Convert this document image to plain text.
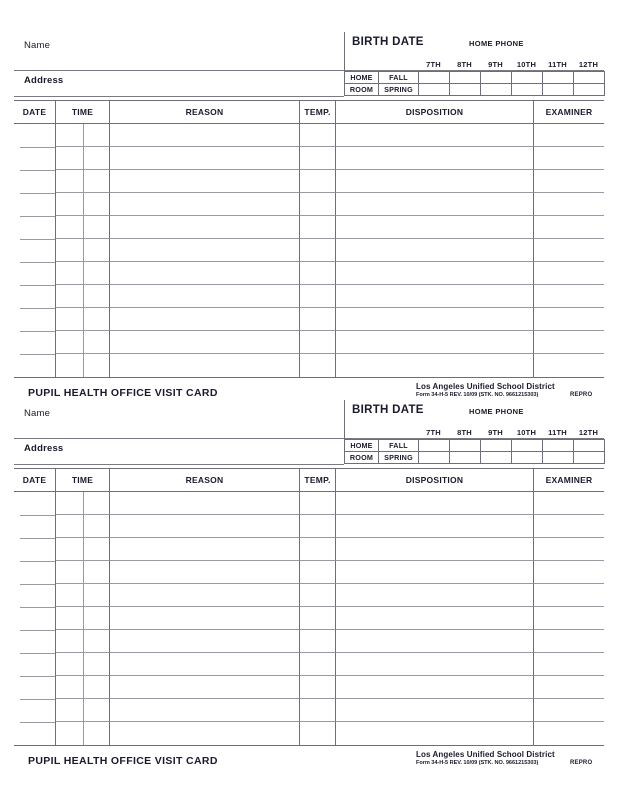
Name
Address
BIRTH DATE	HOME PHONE
7TH	8TH	9TH	10TH	11TH	12TH
HOME	FALL
ROOM	SPRING
DATE	TIME	REASON	TEMP.	DISPOSITION	EXAMINER
PUPIL HEALTH OFFICE VISIT CARD
Los Angeles Unified School District
Form 34-H-5 REV. 10/09 (STK. NO. 9661215303)	REPRO
Name
Address
BIRTH DATE	HOME PHONE
7TH	8TH	9TH	10TH	11TH	12TH
HOME	FALL
ROOM	SPRING
DATE	TIME	REASON	TEMP.	DISPOSITION	EXAMINER
PUPIL HEALTH OFFICE VISIT CARD
Los Angeles Unified School District
Form 34-H-5 REV. 10/09 (STK. NO. 9661215303)	REPRO
